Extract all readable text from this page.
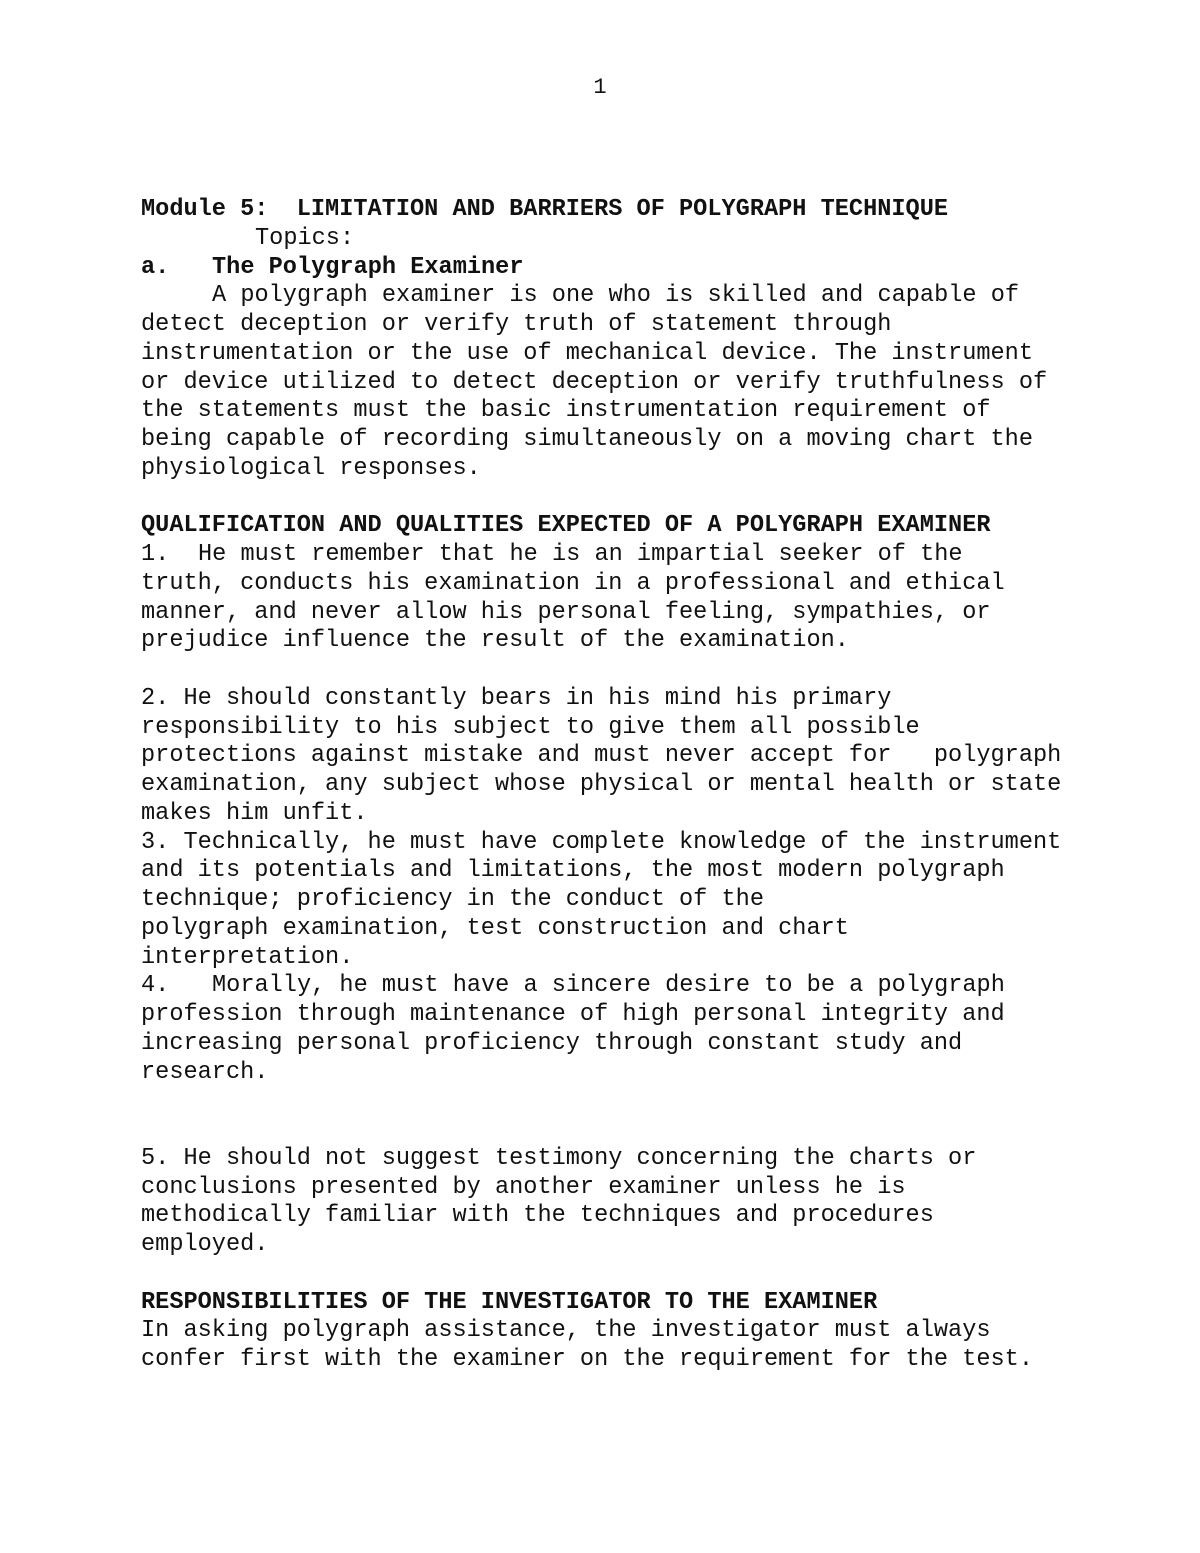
1
Module 5:  LIMITATION AND BARRIERS OF POLYGRAPH TECHNIQUE
Topics:
a. The Polygraph Examiner
A polygraph examiner is one who is skilled and capable of
detect deception or verify truth of statement through
instrumentation or the use of mechanical device. The instrument
or device utilized to detect deception or verify truthfulness of
the statements must the basic instrumentation requirement of
being capable of recording simultaneously on a moving chart the
physiological responses.
QUALIFICATION AND QUALITIES EXPECTED OF A POLYGRAPH EXAMINER
1. He must remember that he is an impartial seeker of the
truth, conducts his examination in a professional and ethical
manner, and never allow his personal feeling, sympathies, or
prejudice influence the result of the examination.
2. He should constantly bears in his mind his primary
responsibility to his subject to give them all possible
protections against mistake and must never accept for   polygraph
examination, any subject whose physical or mental health or state
makes him unfit.
3. Technically, he must have complete knowledge of the instrument
and its potentials and limitations, the most modern polygraph
technique; proficiency in the conduct of the
polygraph examination, test construction and chart
interpretation.
4. Morally, he must have a sincere desire to be a polygraph
profession through maintenance of high personal integrity and
increasing personal proficiency through constant study and
research.
5. He should not suggest testimony concerning the charts or
conclusions presented by another examiner unless he is
methodically familiar with the techniques and procedures
employed.
RESPONSIBILITIES OF THE INVESTIGATOR TO THE EXAMINER
In asking polygraph assistance, the investigator must always
confer first with the examiner on the requirement for the test.
